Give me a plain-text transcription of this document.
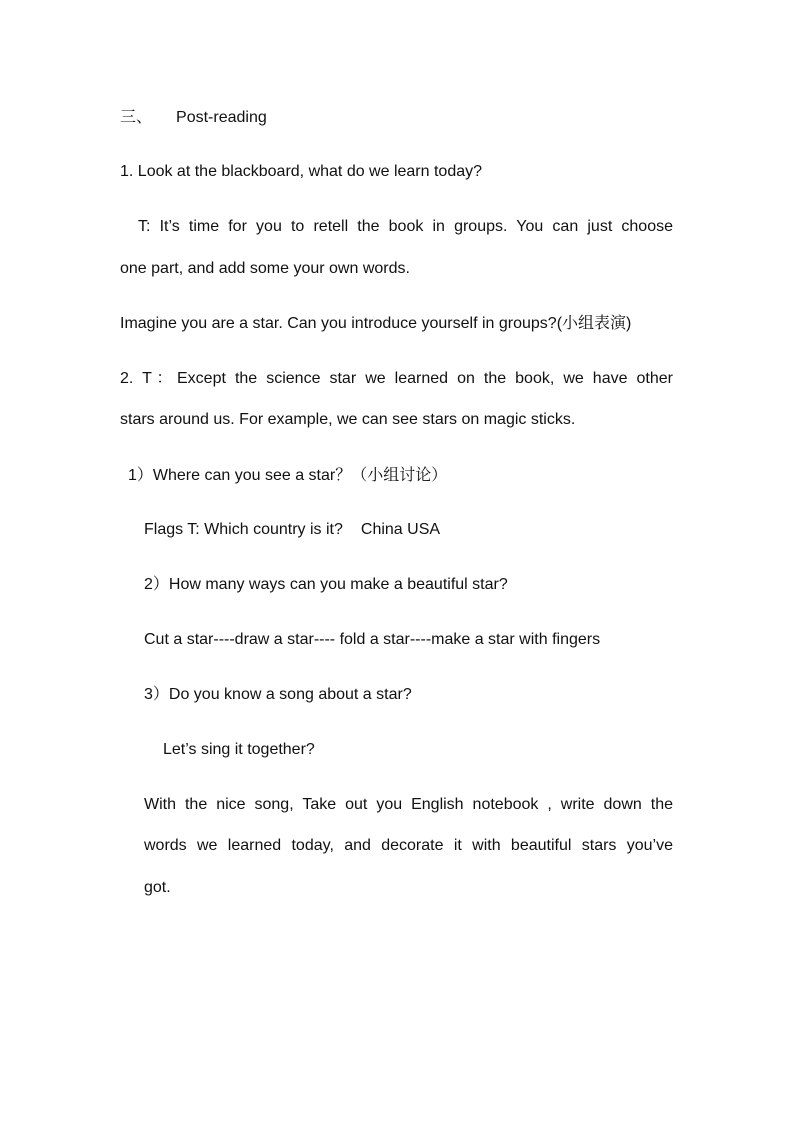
三、 Post-reading
1. Look at the blackboard, what do we learn today?
T: It’s time for you to retell the book in groups. You can just choose
one part, and add some your own words.
Imagine you are a star. Can you introduce yourself in groups?(小组表演)
2. T：Except the science star we learned on the book, we have other
stars around us. For example, we can see stars on magic sticks.
1）Where can you see a star？（小组讨论）
Flags T: Which country is it? China USA
2）How many ways can you make a beautiful star?
Cut a star----draw a star---- fold a star----make a star with fingers
3）Do you know a song about a star?
Let’s sing it together?
With the nice song, Take out you English notebook , write down the
words we learned today, and decorate it with beautiful stars you’ve
got.
